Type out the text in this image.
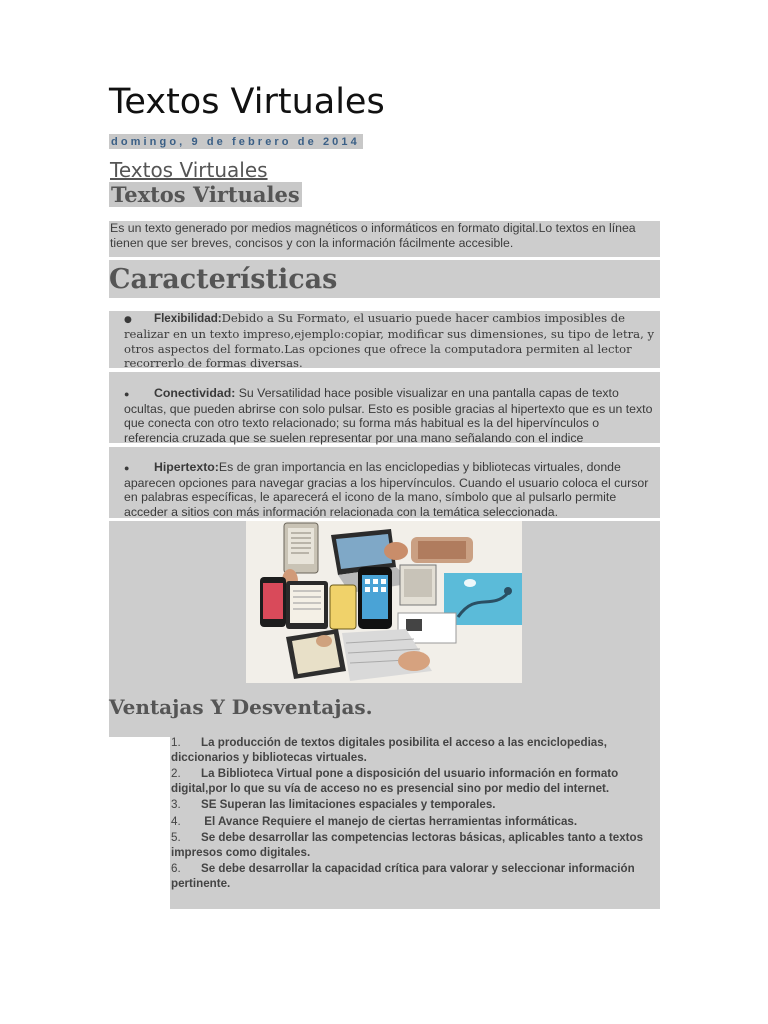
Textos Virtuales
domingo, 9 de febrero de 2014
Textos Virtuales
Textos Virtuales

Es un texto generado por medios magnéticos o informáticos en formato digital.Lo textos en línea

tienen que ser breves, concisos y con la información fácilmente accesible.

Características
● Flexibilidad:Debido a Su Formato, el usuario puede hacer cambios imposibles de realizar en un texto impreso,ejemplo:copiar, modificar sus dimensiones, su tipo de letra, y otros aspectos del formato.Las opciones que ofrece la computadora permiten al lector recorrerlo de formas diversas.
● Conectividad: Su Versatilidad hace posible visualizar en una pantalla capas de texto ocultas, que pueden abrirse con solo pulsar. Esto es posible gracias al hipertexto que es un texto que conecta con otro texto relacionado; su forma más habitual es la del hipervínculos o referencia cruzada que se suelen representar por una mano señalando con el indice
● Hipertexto:Es de gran importancia en las enciclopedias y bibliotecas virtuales, donde aparecen opciones para navegar gracias a los hipervínculos. Cuando el usuario coloca el cursor en palabras específicas, le aparecerá el icono de la mano, símbolo que al pulsarlo permite acceder a sitios con más información relacionada con la temática seleccionada.
Ventajas Y Desventajas.
1. La producción de textos digitales posibilita el acceso a las enciclopedias, diccionarios y bibliotecas virtuales.
2. La Biblioteca Virtual pone a disposición del usuario información en formato digital,por lo que su vía de acceso no es presencial sino por medio del internet.
3. SE Superan las limitaciones espaciales y temporales.
4. El Avance Requiere el manejo de ciertas herramientas informáticas.
5. Se debe desarrollar las competencias lectoras básicas, aplicables tanto a textos impresos como digitales.
6. Se debe desarrollar la capacidad crítica para valorar y seleccionar información pertinente.
